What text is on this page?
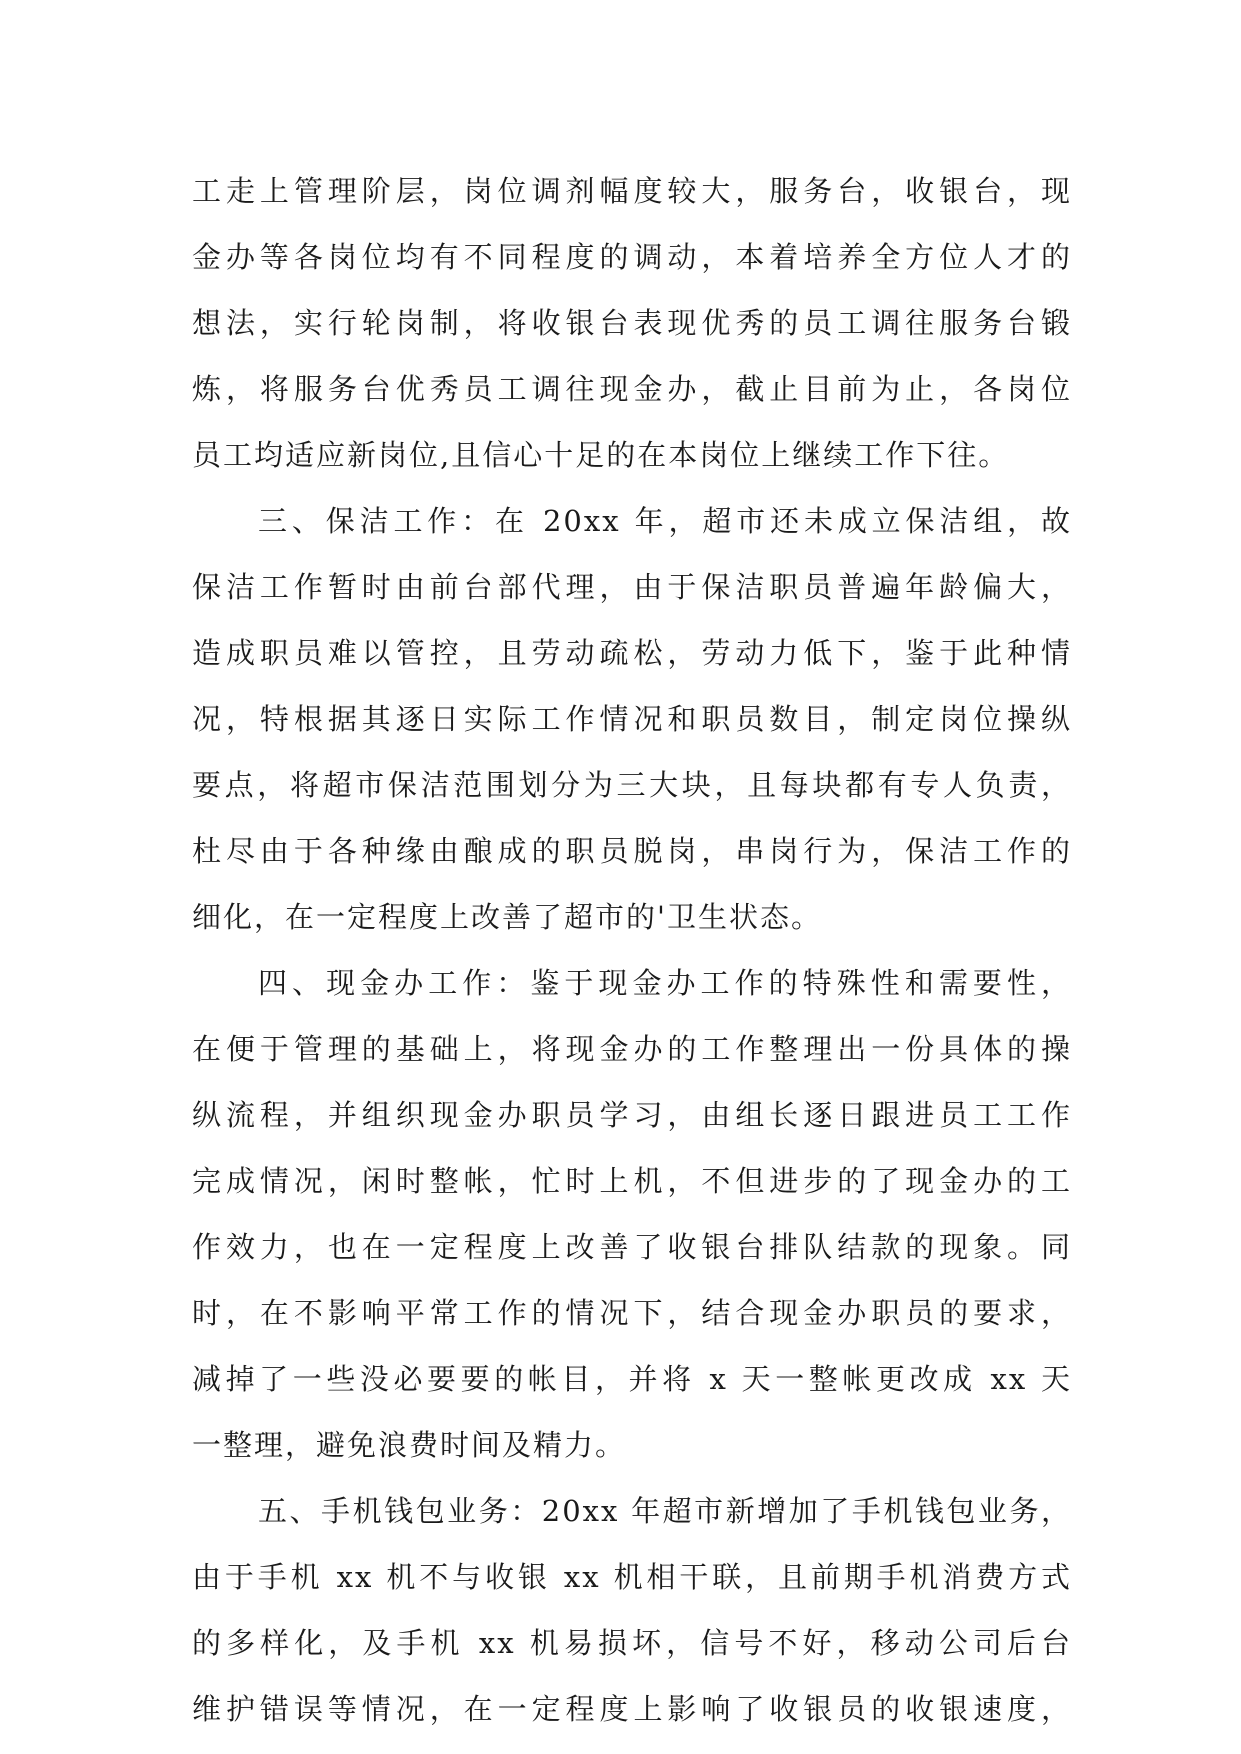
工走上管理阶层，岗位调剂幅度较大，服务台，收银台，现
金办等各岗位均有不同程度的调动，本着培养全方位人才的
想法，实行轮岗制，将收银台表现优秀的员工调往服务台锻
炼，将服务台优秀员工调往现金办，截止目前为止，各岗位
员工均适应新岗位,且信心十足的在本岗位上继续工作下往。
三、保洁工作：在 20xx 年，超市还未成立保洁组，故
保洁工作暂时由前台部代理，由于保洁职员普遍年龄偏大，
造成职员难以管控，且劳动疏松，劳动力低下，鉴于此种情
况，特根据其逐日实际工作情况和职员数目，制定岗位操纵
要点，将超市保洁范围划分为三大块，且每块都有专人负责，
杜尽由于各种缘由酿成的职员脱岗，串岗行为，保洁工作的
细化，在一定程度上改善了超市的'卫生状态。
四、现金办工作：鉴于现金办工作的特殊性和需要性，
在便于管理的基础上，将现金办的工作整理出一份具体的操
纵流程，并组织现金办职员学习，由组长逐日跟进员工工作
完成情况，闲时整帐，忙时上机，不但进步的了现金办的工
作效力，也在一定程度上改善了收银台排队结款的现象。同
时，在不影响平常工作的情况下，结合现金办职员的要求，
减掉了一些没必要要的帐目，并将 x 天一整帐更改成 xx 天
一整理，避免浪费时间及精力。
五、手机钱包业务：20xx 年超市新增加了手机钱包业务，
由于手机 xx 机不与收银 xx 机相干联，且前期手机消费方式
的多样化，及手机 xx 机易损坏，信号不好，移动公司后台
维护错误等情况，在一定程度上影响了收银员的收银速度，
